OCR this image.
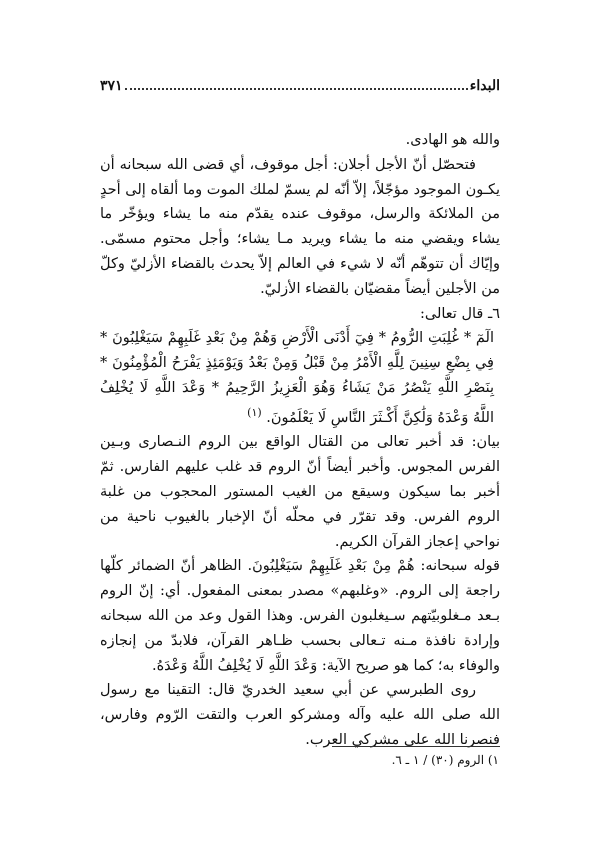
البداء
٣٧١

والله هو الهادى.

فتحصّل أنّ الأجل أجلان: أجل موقوف، أي قضى الله سبحانه أن يكـون الموجود مؤجّلاً، إلاّ أنّه لم يسمّ لملك الموت وما ألقاه إلى أحدٍ من الملائكة والرسل، موقوف عنده يقدّم منه ما يشاء ويؤخّر ما يشاء ويقضي منه ما يشاء ويريد مـا يشاء؛ وأجل محتوم مسمّى. وإيّاك أن تتوهّم أنّه لا شيء في العالم إلاّ يحدث بالقضاء الأزليّ وكلّ من الأجلين أيضاً مقضيّان بالقضاء الأزليّ.

٦ـ قال تعالى:

الٓمٓ * غُلِبَتِ الرُّومُ * فِيٓ أَدْنَى الْأَرْضِ وَهُمْ مِنْ بَعْدِ غَلَبِهِمْ سَيَغْلِبُونَ * فِي بِضْعِ سِنِينَ لِلَّهِ الْأَمْرُ مِنْ قَبْلُ وَمِنْ بَعْدُ وَيَوْمَئِذٍ يَفْرَحُ الْمُؤْمِنُونَ * بِنَصْرِ اللَّهِ يَنْصُرُ مَنْ يَشَاءُ وَهُوَ الْعَزِيزُ الرَّحِيمُ * وَعْدَ اللَّهِ لَا يُخْلِفُ اللَّهُ وَعْدَهُ وَلَٰكِنَّ أَكْـثَرَ النَّاسِ لَا يَعْلَمُونَ. $^{(١)}$

بيان: قد أخبر تعالى من القتال الواقع بين الروم النـصارى وبـين الفرس المجوس. وأخبر أيضاً أنّ الروم قد غلب عليهم الفارس. ثمّ أخبر بما سيكون وسيقع من الغيب المستور المحجوب من غلبة الروم الفرس. وقد تقرّر في محلّه أنّ الإخبار بالغيوب ناحية من نواحي إعجاز القرآن الكريم.

قوله سبحانه: هُمْ مِنْ بَعْدِ غَلَبِهِمْ سَيَغْلِبُونَ. الظاهر أنّ الضمائر كلّها راجعة إلى الروم. «وغلبهم» مصدر بمعنى المفعول. أي: إنّ الروم بـعد مـغلوبيّتهم سـيغلبون الفرس. وهذا القول وعد من الله سبحانه وإرادة نافذة مـنه تـعالى بحسب ظـاهر القرآن، فلابدّ من إنجازه والوفاء به؛ كما هو صريح الآية: وَعْدَ اللَّهِ لَا يُخْلِفُ اللَّهُ وَعْدَهُ.

روى الطبرسي عن أبي سعيد الخدريّ قال: التقينا مع رسول الله صلى الله عليه وآله ومشركو العرب والتقت الرّوم وفارس، فنصرنا الله على مشركي العرب.

١) الروم (٣٠) / ١ ـ ٦.
